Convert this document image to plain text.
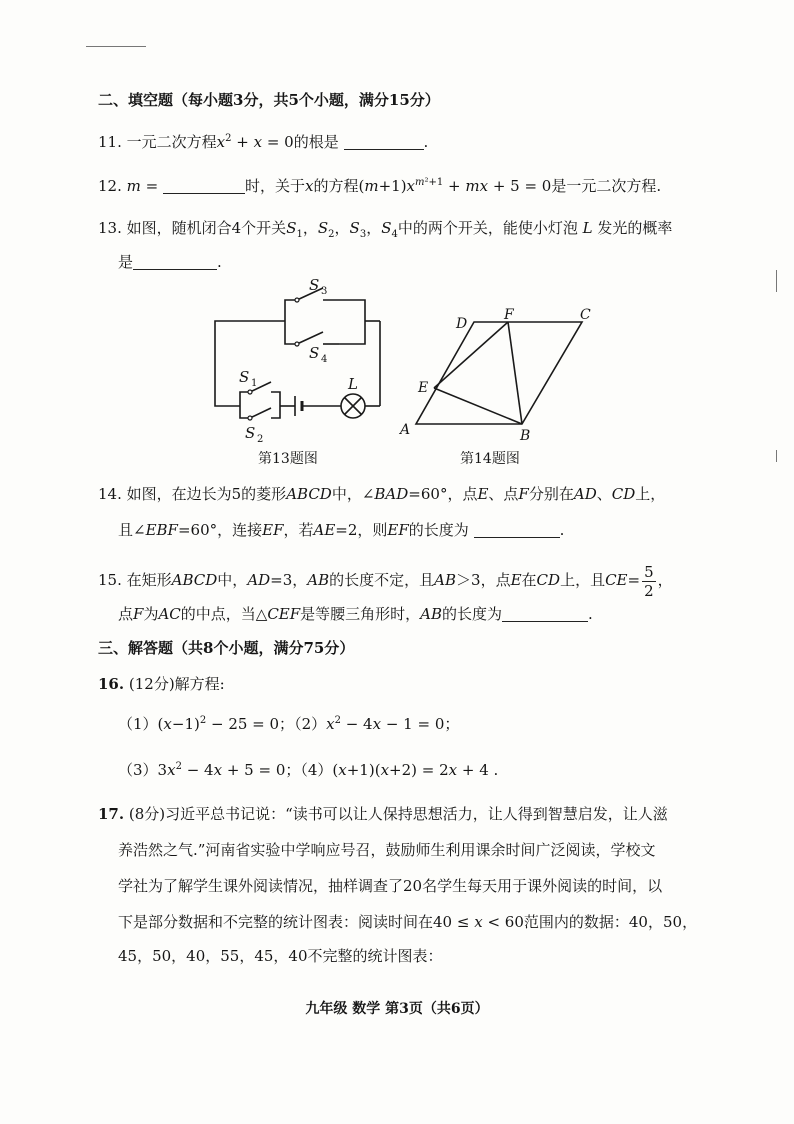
二、填空题（每小题3分，共5个小题，满分15分）
11. 一元二次方程$x^2 + x = 0$的根是	.
12. m =	时，关于x的方程$(m+1)x^{m^2+1}$ + mx + 5 = 0是一元二次方程.
13. 如图，随机闭合4个开关$S_1$，$S_2$，$S_3$，$S_4$中的两个开关，能使小灯泡 L 发光的概率
是	.
S 3
S 4
S 1
S 2
L
第13题图
A	B
C
D
E
F
第14题图
14. 如图，在边长为5的菱形ABCD中，∠BAD=60°，点E、点F分别在AD、CD上，
且∠EBF=60°，连接EF，若AE=2，则EF的长度为	.
15. 在矩形ABCD中，AD=3，AB的长度不定，且AB＞3，点E在CD上，且$CE= \frac{5}{2}$ ，
点F为AC的中点，当△CEF是等腰三角形时，AB的长度为	.
三、解答题（共8个小题，满分75分）
16. (12分)解方程:
$(1)(x-1)^2 - 25 = 0$；$(2)x^2 - 4x - 1 = 0$；
$(3)3x^2 - 4x + 5 = 0$；（4）(x+1)(x+2) = 2x + 4 .
17. (8分)习近平总书记说：“读书可以让人保持思想活力，让人得到智慧启发，让人滋
养浩然之气.”河南省实验中学响应号召，鼓励师生利用课余时间广泛阅读，学校文
学社为了解学生课外阅读情况，抽样调查了20名学生每天用于课外阅读的时间，以
下是部分数据和不完整的统计图表：阅读时间在40 ≤ x < 60范围内的数据：40，50，
45，50，40，55，45，40不完整的统计图表：
九年级 数学 第3页（共6页）
